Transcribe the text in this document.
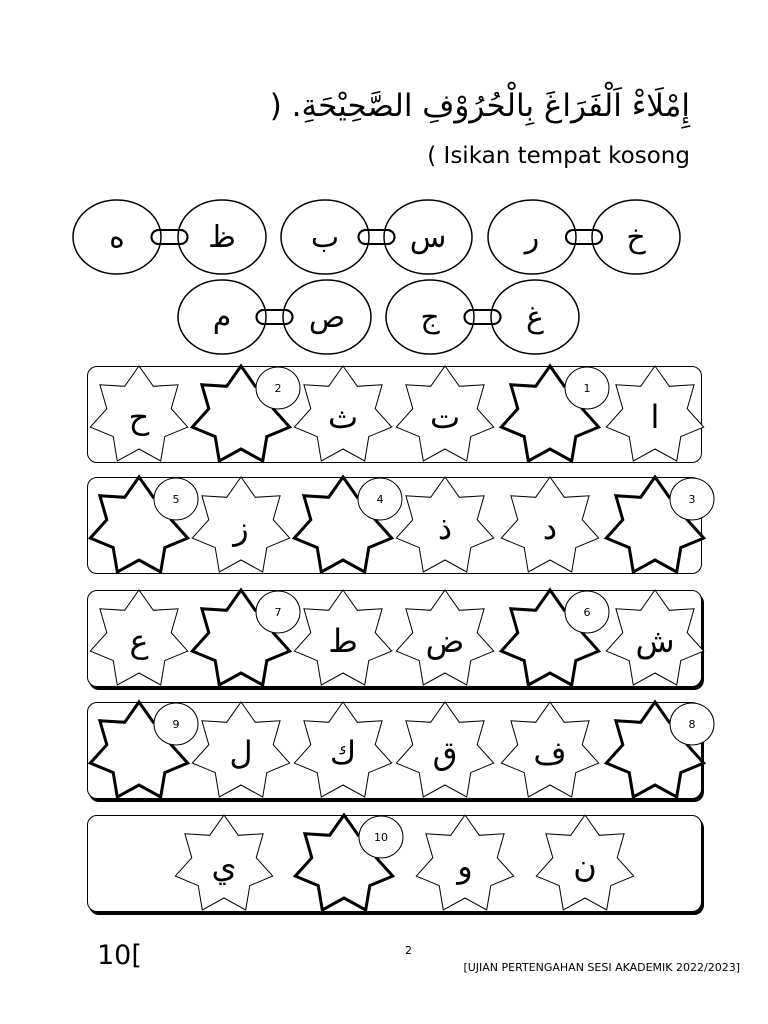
إِمْلَاءْ اَلْفَرَاغَ بِالْحُرُوْفِ الصَّحِيْحَةِ. (
( Isikan tempat kosong
ه	ظ	ب س	ر	خ
م	ص	ج	غ
ح
2
ث ت
1
ا
5
ز
4
ذ	د
3
ع
7
ط ض
6
ش
9
ل ك ق ف
8
ي
10
و	ن
10[	2
[UJIAN PERTENGAHAN SESI AKADEMIK 2022/2023]
